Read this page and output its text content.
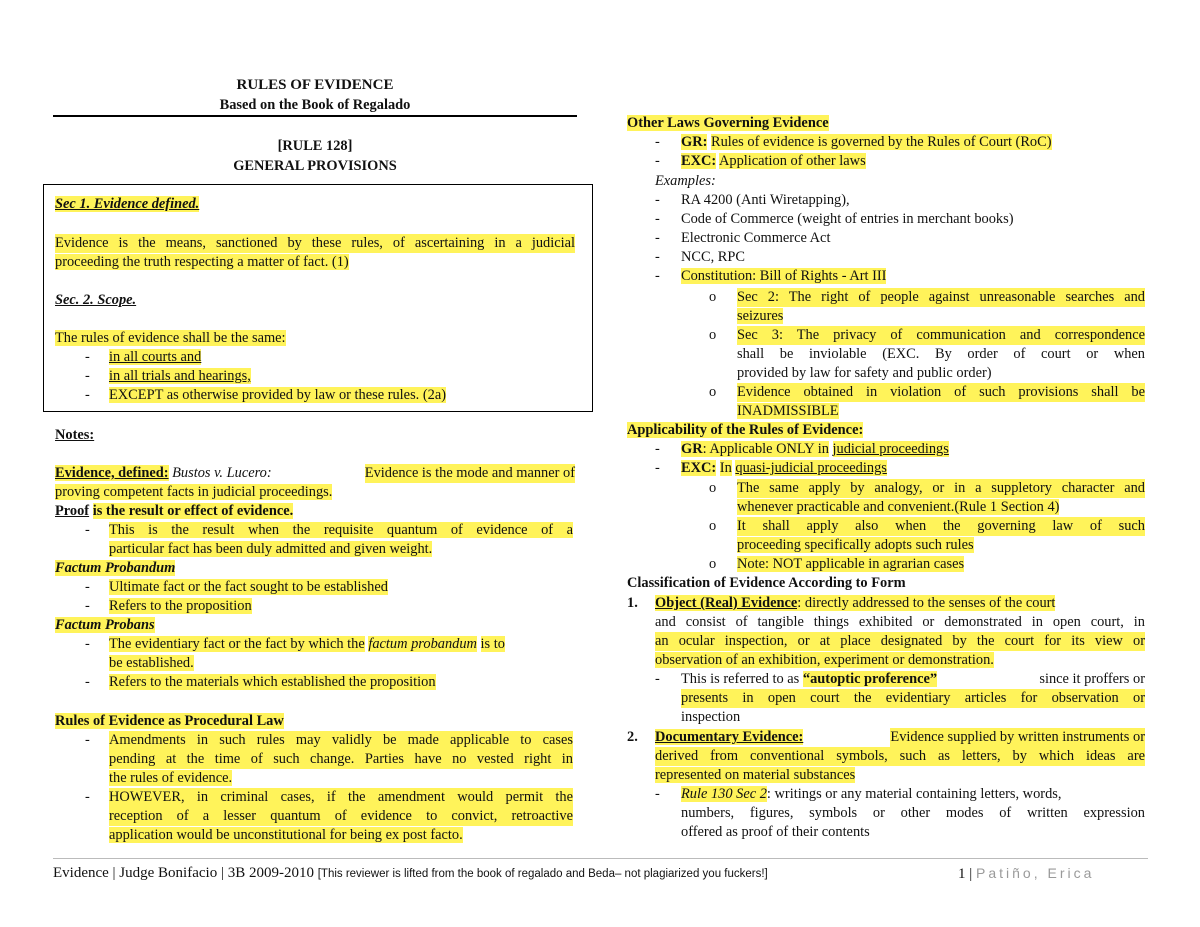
RULES OF EVIDENCE
Based on the Book of Regalado
[RULE 128]
GENERAL PROVISIONS
Sec 1. Evidence defined.
Evidence is the means, sanctioned by these rules, of ascertaining in a judicial
proceeding the truth respecting a matter of fact. (1)
Sec. 2. Scope.
The rules of evidence shall be the same:
- in all courts and
- in all trials and hearings,
- EXCEPT as otherwise provided by law or these rules. (2a)
Notes:
Evidence, defined: Bustos v. Lucero:	Evidence is the mode and manner of
proving competent facts in judicial proceedings.
Proof is the result or effect of evidence.
- This is the result when the requisite quantum of evidence of a
particular fact has been duly admitted and given weight.
Factum Probandum
- Ultimate fact or the fact sought to be established
- Refers to the proposition
Factum Probans
- The evidentiary fact or the fact by which the factum probandum is to
be established.
- Refers to the materials which established the proposition
Rules of Evidence as Procedural Law
- Amendments in such rules may validly be made applicable to cases
pending at the time of such change. Parties have no vested right in
the rules of evidence.
- HOWEVER, in criminal cases, if the amendment would permit the
reception of a lesser quantum of evidence to convict, retroactive
application would be unconstitutional for being ex post facto.
Other Laws Governing Evidence
- GR: Rules of evidence is governed by the Rules of Court (RoC)
- EXC: Application of other laws
Examples:
- RA 4200 (Anti Wiretapping),
- Code of Commerce (weight of entries in merchant books)
- Electronic Commerce Act
- NCC, RPC
- Constitution: Bill of Rights - Art III
o Sec 2: The right of people against unreasonable searches and
seizures
o Sec 3: The privacy of communication and correspondence
shall be inviolable (EXC. By order of court or when
provided by law for safety and public order)
o Evidence obtained in violation of such provisions shall be
INADMISSIBLE
Applicability of the Rules of Evidence:
- GR: Applicable ONLY in judicial proceedings
- EXC: In quasi-judicial proceedings
o The same apply by analogy, or in a suppletory character and
whenever practicable and convenient.(Rule 1 Section 4)
o It shall apply also when the governing law of such
proceeding specifically adopts such rules
o Note: NOT applicable in agrarian cases
Classification of Evidence According to Form
1. Object (Real) Evidence: directly addressed to the senses of the court
and consist of tangible things exhibited or demonstrated in open court, in
an ocular inspection, or at place designated by the court for its view or
observation of an exhibition, experiment or demonstration.
- This is referred to as “autoptic proference”	since it proffers or
presents in open court the evidentiary articles for observation or
inspection
2. Documentary Evidence:	Evidence supplied by written instruments or
derived from conventional symbols, such as letters, by which ideas are
represented on material substances
- Rule 130 Sec 2: writings or any material containing letters, words,
numbers, figures, symbols or other modes of written expression
offered as proof of their contents
Evidence | Judge Bonifacio | 3B 2009-2010 [This reviewer is lifted from the book of regalado and Beda– not plagiarized you fuckers!]	1 | Patiño, Erica
